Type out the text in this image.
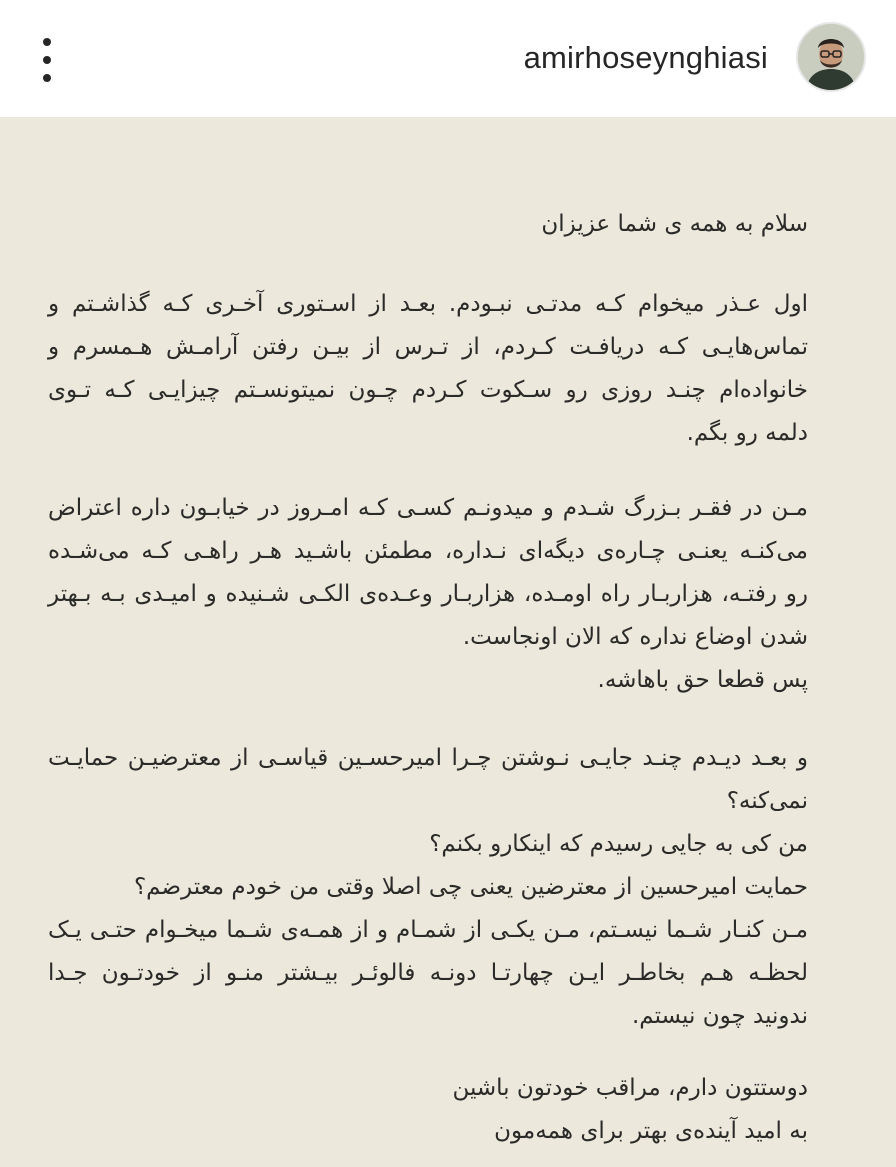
amirhoseynghiasi
سلام به همه ی شما عزیزان
اول عـذر میخوام کـه مدتـی نبـودم. بعـد از اسـتوری آخـری کـه گذاشـتم و
تماس‌هایـی کـه دریافـت کـردم، از تـرس از بیـن رفتن آرامـش هـمسرم و
خانواده‌ام چنـد روزی رو سـکوت کـردم چـون نمیتونسـتم چیزایـی کـه تـوی
دلمه رو بگم.
مـن در فقـر بـزرگ شـدم و میدونـم کسـی کـه امـروز در خیابـون داره اعتراض
می‌کنـه یعنـی چـاره‌ی دیگه‌ای نـداره، مطمئن باشـید هـر راهـی کـه می‌شـده
رو رفتـه، هزاربـار راه اومـده، هزاربـار وعـده‌ی الکـی شـنیده و امیـدی بـه بـهتر
شدن اوضاع نداره که الان اونجاست.
پس قطعا حق باهاشه.
و بعـد دیـدم چنـد جایـی نـوشتن چـرا امیرحسـین قیاسـی از معترضیـن حمایـت
نمی‌کنه؟
من کی به جایی رسیدم که اینکارو بکنم؟
حمایت امیرحسین از معترضین یعنی چی اصلا وقتی من خودم معترضم؟
مـن کنـار شـما نیسـتم، مـن یکـی از شمـام و از همـه‌ی شـما میخـوام حتـی یـک
لحظـه هـم بخاطـر ایـن چهارتـا دونـه فالوئـر بیـشتر منـو از خودتـون جـدا
ندونید چون نیستم.
دوستتون دارم، مراقب خودتون باشین
به امید آینده‌ی بهتر برای همه‌مون
